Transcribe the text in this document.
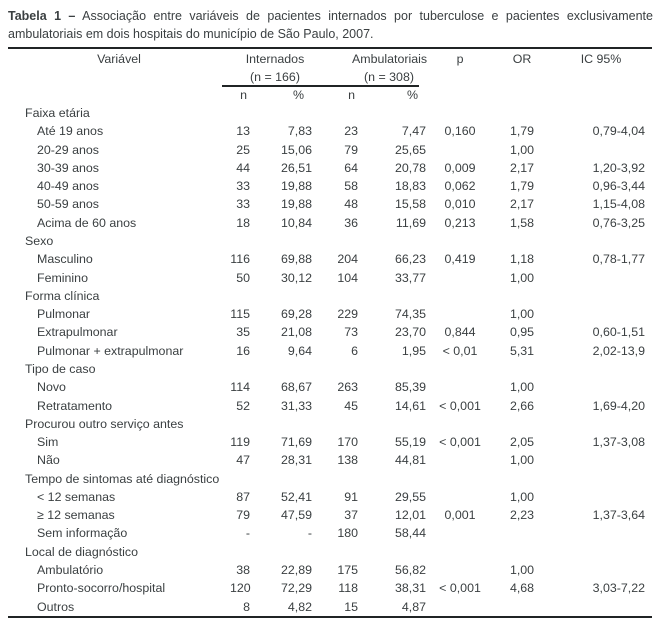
Tabela 1 – Associação entre variáveis de pacientes internados por tuberculose e pacientes exclusivamente ambulatoriais em dois hospitais do município de São Paulo, 2007.

Variável	Internados		Ambulatoriais		p	OR	IC 95%
	(n = 166)		(n = 308)				
	n	%	n	%			
Faixa etária							
Até 19 anos	13	7,83	23	7,47	0,160	1,79	0,79-4,04
20-29 anos	25	15,06	79	25,65		1,00	
30-39 anos	44	26,51	64	20,78	0,009	2,17	1,20-3,92
40-49 anos	33	19,88	58	18,83	0,062	1,79	0,96-3,44
50-59 anos	33	19,88	48	15,58	0,010	2,17	1,15-4,08
Acima de 60 anos	18	10,84	36	11,69	0,213	1,58	0,76-3,25
Sexo							
Masculino	116	69,88	204	66,23	0,419	1,18	0,78-1,77
Feminino	50	30,12	104	33,77		1,00	
Forma clínica							
Pulmonar	115	69,28	229	74,35		1,00	
Extrapulmonar	35	21,08	73	23,70	0,844	0,95	0,60-1,51
Pulmonar + extrapulmonar	16	9,64	6	1,95	< 0,01	5,31	2,02-13,9
Tipo de caso							
Novo	114	68,67	263	85,39		1,00	
Retratamento	52	31,33	45	14,61	< 0,001	2,66	1,69-4,20
Procurou outro serviço antes							
Sim	119	71,69	170	55,19	< 0,001	2,05	1,37-3,08
Não	47	28,31	138	44,81		1,00	
Tempo de sintomas até diagnóstico							
< 12 semanas	87	52,41	91	29,55		1,00	
≥ 12 semanas	79	47,59	37	12,01	0,001	2,23	1,37-3,64
Sem informação	-	-	180	58,44			
Local de diagnóstico							
Ambulatório	38	22,89	175	56,82		1,00	
Pronto-socorro/hospital	120	72,29	118	38,31	< 0,001	4,68	3,03-7,22
Outros	8	4,82	15	4,87			
